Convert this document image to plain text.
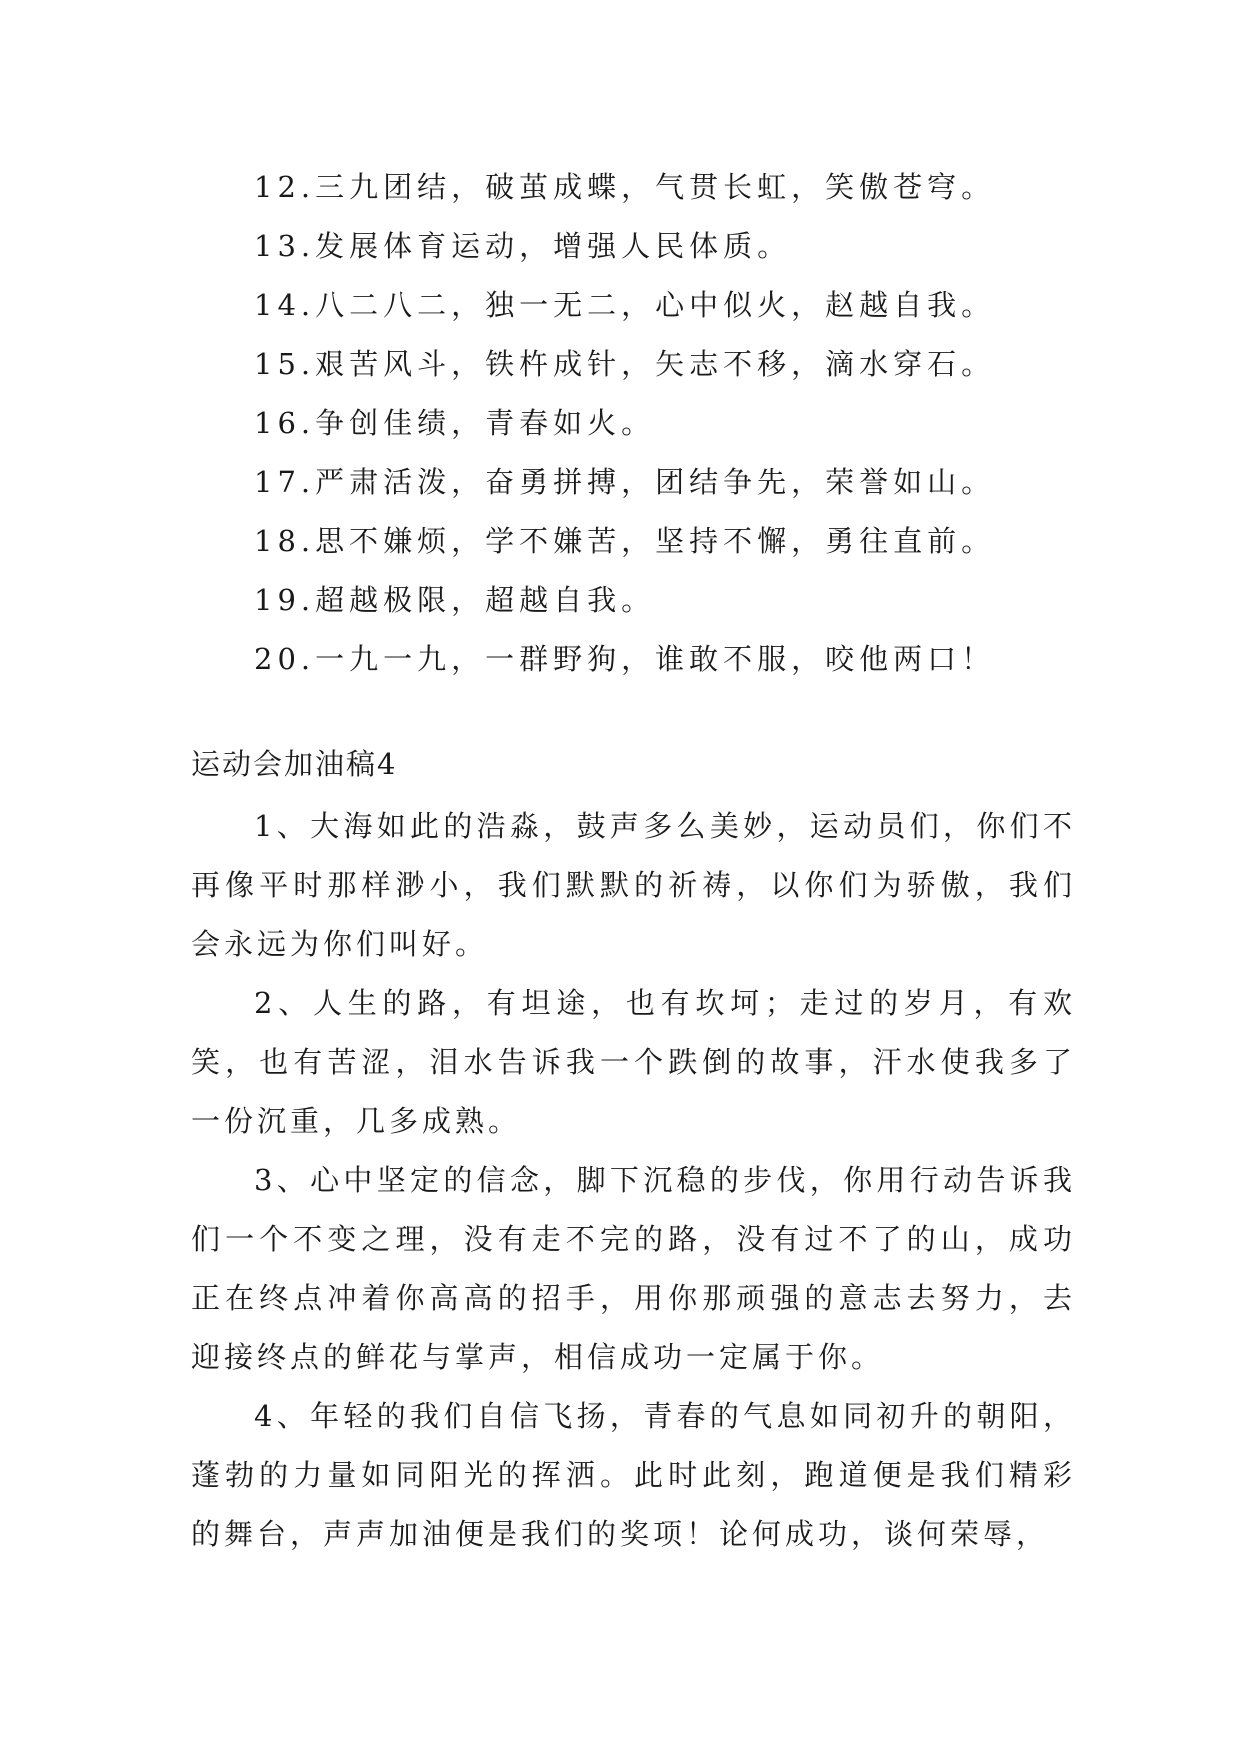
12.三九团结，破茧成蝶，气贯长虹，笑傲苍穹。
13.发展体育运动，增强人民体质。
14.八二八二，独一无二，心中似火，赵越自我。
15.艰苦风斗，铁杵成针，矢志不移，滴水穿石。
16.争创佳绩，青春如火。
17.严肃活泼，奋勇拼搏，团结争先，荣誉如山。
18.思不嫌烦，学不嫌苦，坚持不懈，勇往直前。
19.超越极限，超越自我。
20.一九一九，一群野狗，谁敢不服，咬他两口！
运动会加油稿4

1、大海如此的浩淼，鼓声多么美妙，运动员们，你们不再像平时那样渺小，我们默默的祈祷，以你们为骄傲，我们会永远为你们叫好。

2、人生的路，有坦途，也有坎坷；走过的岁月，有欢笑，也有苦涩，泪水告诉我一个跌倒的故事，汗水使我多了一份沉重，几多成熟。

3、心中坚定的信念，脚下沉稳的步伐，你用行动告诉我们一个不变之理，没有走不完的路，没有过不了的山，成功正在终点冲着你高高的招手，用你那顽强的意志去努力，去迎接终点的鲜花与掌声，相信成功一定属于你。

4、年轻的我们自信飞扬，青春的气息如同初升的朝阳，蓬勃的力量如同阳光的挥洒。此时此刻，跑道便是我们精彩的舞台，声声加油便是我们的奖项！论何成功，谈何荣辱，
